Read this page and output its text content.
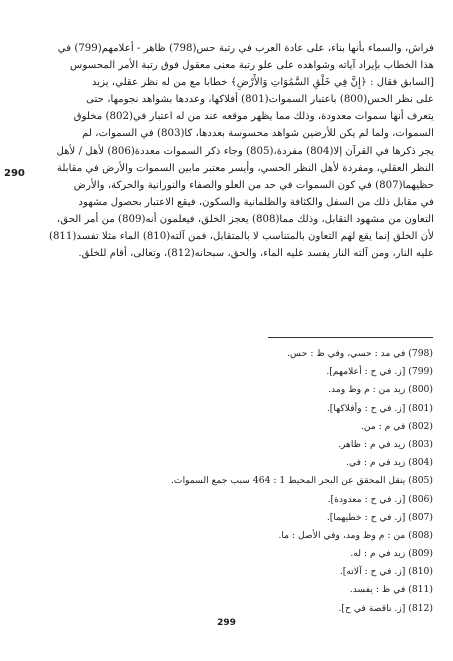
290
فراش، والسماء بأنها بناء، على عادة العرب في رتبة حس(798) ظاهر - أعلامهم(799) في
هذا الخطاب بإيراد آياته وشواهده على علو رتبة معنى معقول فوق رتبة الأمر المحسوس
[السابق فقال : ﴿إِنَّ فِي خَلْقِ السَّمَٰوَاتِ وَالأَرْضِ﴾ خطابا مع من له نظر عقلي، يزيد
على نظر الحس(800) باعتبار السموات(801) أفلاكها، وعددها بشواهد نجومها، حتى
يتعرف أنها سموات معدودة، وذلك مما يظهر موقعه عند من له اعتبار في(802) مخلوق
السموات، ولما لم يكن للأرضين شواهد محسوسة بعددها، كا(803) في السموات، لم
يجر ذكرها في القرآن إلا(804) مفردة،(805) وجاء ذكر السموات معددة(806) لأهل / لأهل
النظر العقلي، ومفردة لأهل النظر الحسي، وأيسر معتبر مابين السموات والأرض في مقابلة
حظيهما(807) في كون السموات في حد من العلو والصفاء والنورانية والحركة، والأرض
في مقابل ذلك من السفل والكثافة والظلمانية والسكون، فيقع الاعتبار بحصول مشهود
التعاون من مشهود التقابل، وذلك مما(808) يعجز الخلق، فيعلمون أنه(809) من أمر الحق،
لأن الخلق إنما يقع لهم التعاون بالمتناسب لا بالمتقابل، فمن آلته(810) الماء مثلا تفسد(811)
عليه النار، ومن آلته النار يفسد عليه الماء، والحق، سبحانه(812)، وتعالى، أقام للخلق.
(798) في مد : حسي، وفي ظ : حس.
(799) [ز. في ح : أعلامهم].
(800) زيد من : م وظ ومد.
(801) [ز. في ح : وأفلاكها].
(802) في م : من.
(803) زيد في م : ظاهر.
(804) زيد في م : في.
(805) ينقل المحقق عن البحر المحيط 1 : 464 سبب جمع السموات.
(806) [ز. في ح : معدودة].
(807) [ز. في ح : خطيهما].
(808) من : م وظ ومد، وفي الأصل : ما.
(809) زيد في م : له.
(810) [ز. في ح : آلاته].
(811) في ظ : يفسد.
(812) [ز. ناقصة في ح].
299
